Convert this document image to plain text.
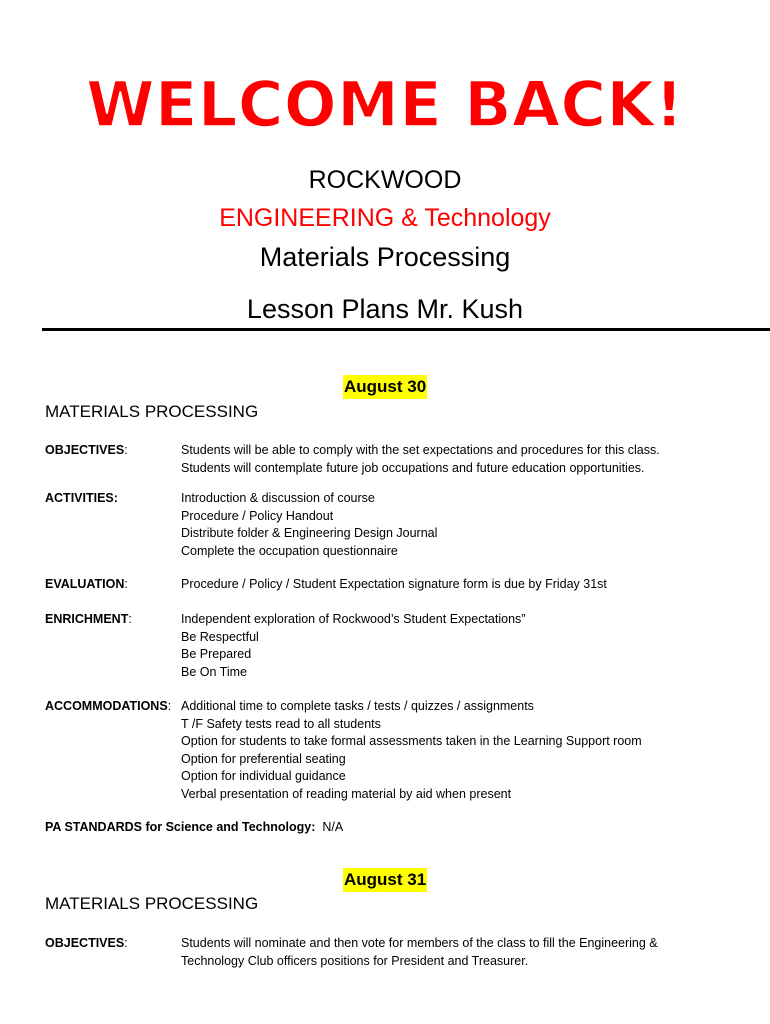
WELCOME BACK!
ROCKWOOD
ENGINEERING & Technology
Materials Processing
Lesson Plans Mr. Kush
August 30
MATERIALS PROCESSING
OBJECTIVES:	Students will be able to comply with the set expectations and procedures for this class.
Students will contemplate future job occupations and future education opportunities.
ACTIVITIES:	Introduction & discussion of course
Procedure / Policy Handout
Distribute folder & Engineering Design Journal
Complete the occupation questionnaire
EVALUATION:	Procedure / Policy / Student Expectation signature form is due by Friday 31st
ENRICHMENT:	Independent exploration of Rockwood’s Student Expectations”
Be Respectful
Be Prepared
Be On Time
ACCOMMODATIONS: Additional time to complete tasks / tests / quizzes / assignments
T /F Safety tests read to all students
Option for students to take formal assessments taken in the Learning Support room
Option for preferential seating
Option for individual guidance
Verbal presentation of reading material by aid when present
PA STANDARDS for Science and Technology: N/A
August 31
MATERIALS PROCESSING
OBJECTIVES:	Students will nominate and then vote for members of the class to fill the Engineering &
Technology Club officers positions for President and Treasurer.
